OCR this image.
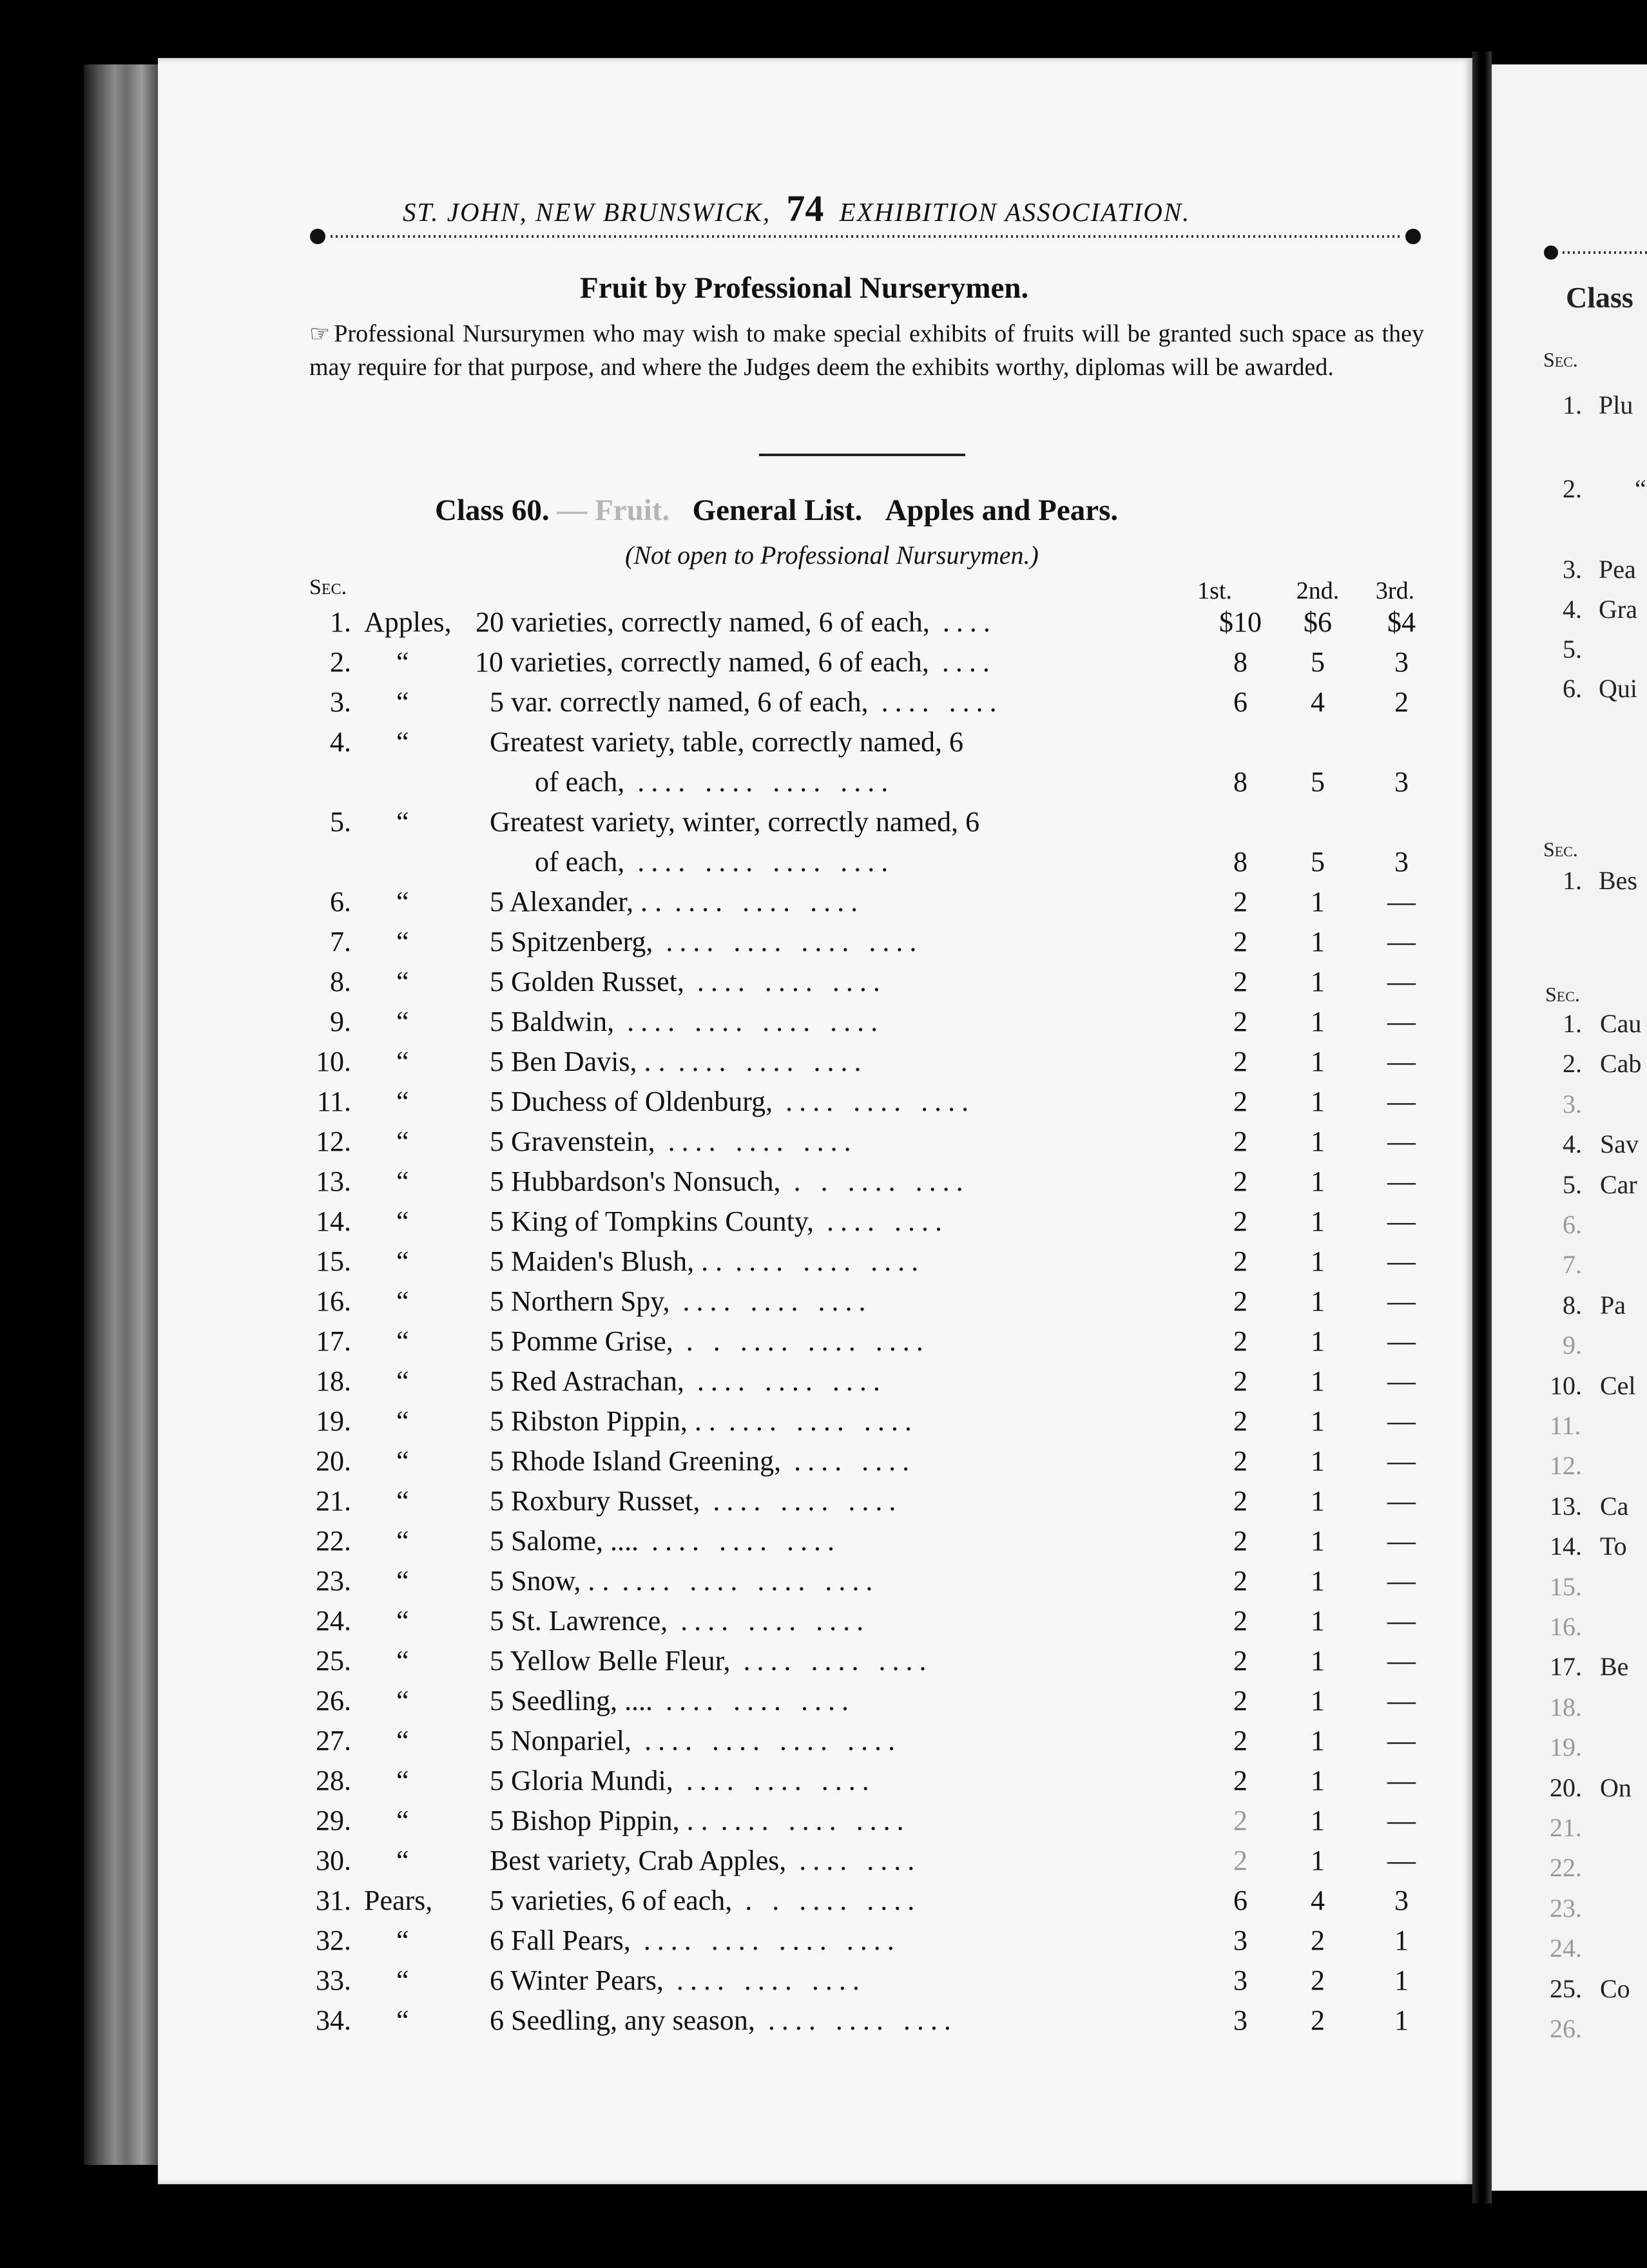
Class
Sec.
1. Plu
2. “
3. Pea
4. Gra
5.
6. Qui
Sec.
1. Bes
Sec.
1. Cau
2. Cab
3.
4. Sav
5. Car
6.
7.
8. Pa
9.
10. Cel
11.
12.
13. Ca
14. To
15.
16.
17. Be
18.
19.
20. On
21.
22.
23.
24.
25. Co
26.
ST. JOHN, NEW BRUNSWICK, 74 EXHIBITION ASSOCIATION.
Fruit by Professional Nurserymen.
☞ Professional Nursurymen who may wish to make special exhibits of fruits will be granted such space as they may require for that purpose, and where the Judges deem the exhibits worthy, diplomas will be awarded.
Class 60. — Fruit. General List. Apples and Pears.
(Not open to Professional Nursurymen.)
Sec.	1st.	2nd.	3rd.
1. Apples, 20 varieties, correctly named, 6 of each, ....	$10	$6	$4
2. “ 10 varieties, correctly named, 6 of each, ....	8	5	3
3. “	5 var. correctly named, 6 of each, .... ....	6	4	2
4. “	Greatest variety, table, correctly named, 6
of each, .... .... .... ....	8	5	3
5. “	Greatest variety, winter, correctly named, 6
of each, .... .... .... ....	8	5	3
6. “	5 Alexander, . . .... .... ....	2	1	—
7. “	5 Spitzenberg, .... .... .... ....	2	1	—
8. “	5 Golden Russet, .... .... ....	2	1	—
9. “	5 Baldwin, .... .... .... ....	2	1	—
10. “	5 Ben Davis, . . .... .... ....	2	1	—
11. “	5 Duchess of Oldenburg, .... .... ....	2	1	—
12. “	5 Gravenstein, .... .... ....	2	1	—
13. “	5 Hubbardson's Nonsuch, . . .... ....	2	1	—
14. “	5 King of Tompkins County, .... ....	2	1	—
15. “	5 Maiden's Blush, . . .... .... ....	2	1	—
16. “	5 Northern Spy, .... .... ....	2	1	—
17. “	5 Pomme Grise, . . .... .... ....	2	1	—
18. “	5 Red Astrachan, .... .... ....	2	1	—
19. “	5 Ribston Pippin, . . .... .... ....	2	1	—
20. “	5 Rhode Island Greening, .... ....	2	1	—
21. “	5 Roxbury Russet, .... .... ....	2	1	—
22. “	5 Salome, .... .... .... ....	2	1	—
23. “	5 Snow, . . .... .... .... ....	2	1	—
24. “	5 St. Lawrence, .... .... ....	2	1	—
25. “	5 Yellow Belle Fleur, .... .... ....	2	1	—
26. “	5 Seedling, .... .... .... ....	2	1	—
27. “	5 Nonpariel, .... .... .... ....	2	1	—
28. “	5 Gloria Mundi, .... .... ....	2	1	—
29. “	5 Bishop Pippin, . . .... .... ....	2	1	—
30. “	Best variety, Crab Apples, .... ....	2	1	—
31. Pears, 5 varieties, 6 of each, . . .... ....	6	4	3
32. “	6 Fall Pears, .... .... .... ....	3	2	1
33. “	6 Winter Pears, .... .... ....	3	2	1
34. “	6 Seedling, any season, .... .... ....	3	2	1
